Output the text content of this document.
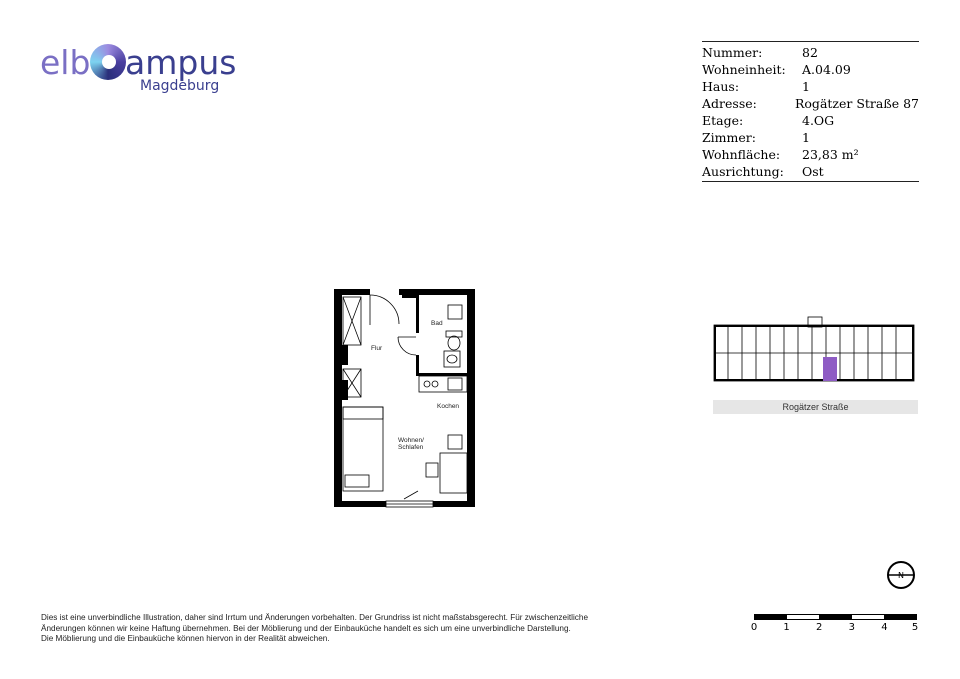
elb ampus
Magdeburg
Nummer:	82
Wohneinheit:	A.04.09
Haus:	1
Adresse:	Rogätzer Straße 87
Etage:	4.OG
Zimmer:	1
Wohnfläche:	23,83 m²
Ausrichtung:	Ost
Flur
Bad
Kochen
Wohnen/
Schlafen
Rogätzer Straße
N
0	1	2	3	4 5
Dies ist eine unverbindliche Illustration, daher sind Irrtum und Änderungen vorbehalten. Der Grundriss ist nicht maßstabsgerecht. Für zwischenzeitliche
Änderungen können wir keine Haftung übernehmen. Bei der Möblierung und der Einbauküche handelt es sich um eine unverbindliche Darstellung.
Die Möblierung und die Einbauküche können hiervon in der Realität abweichen.
